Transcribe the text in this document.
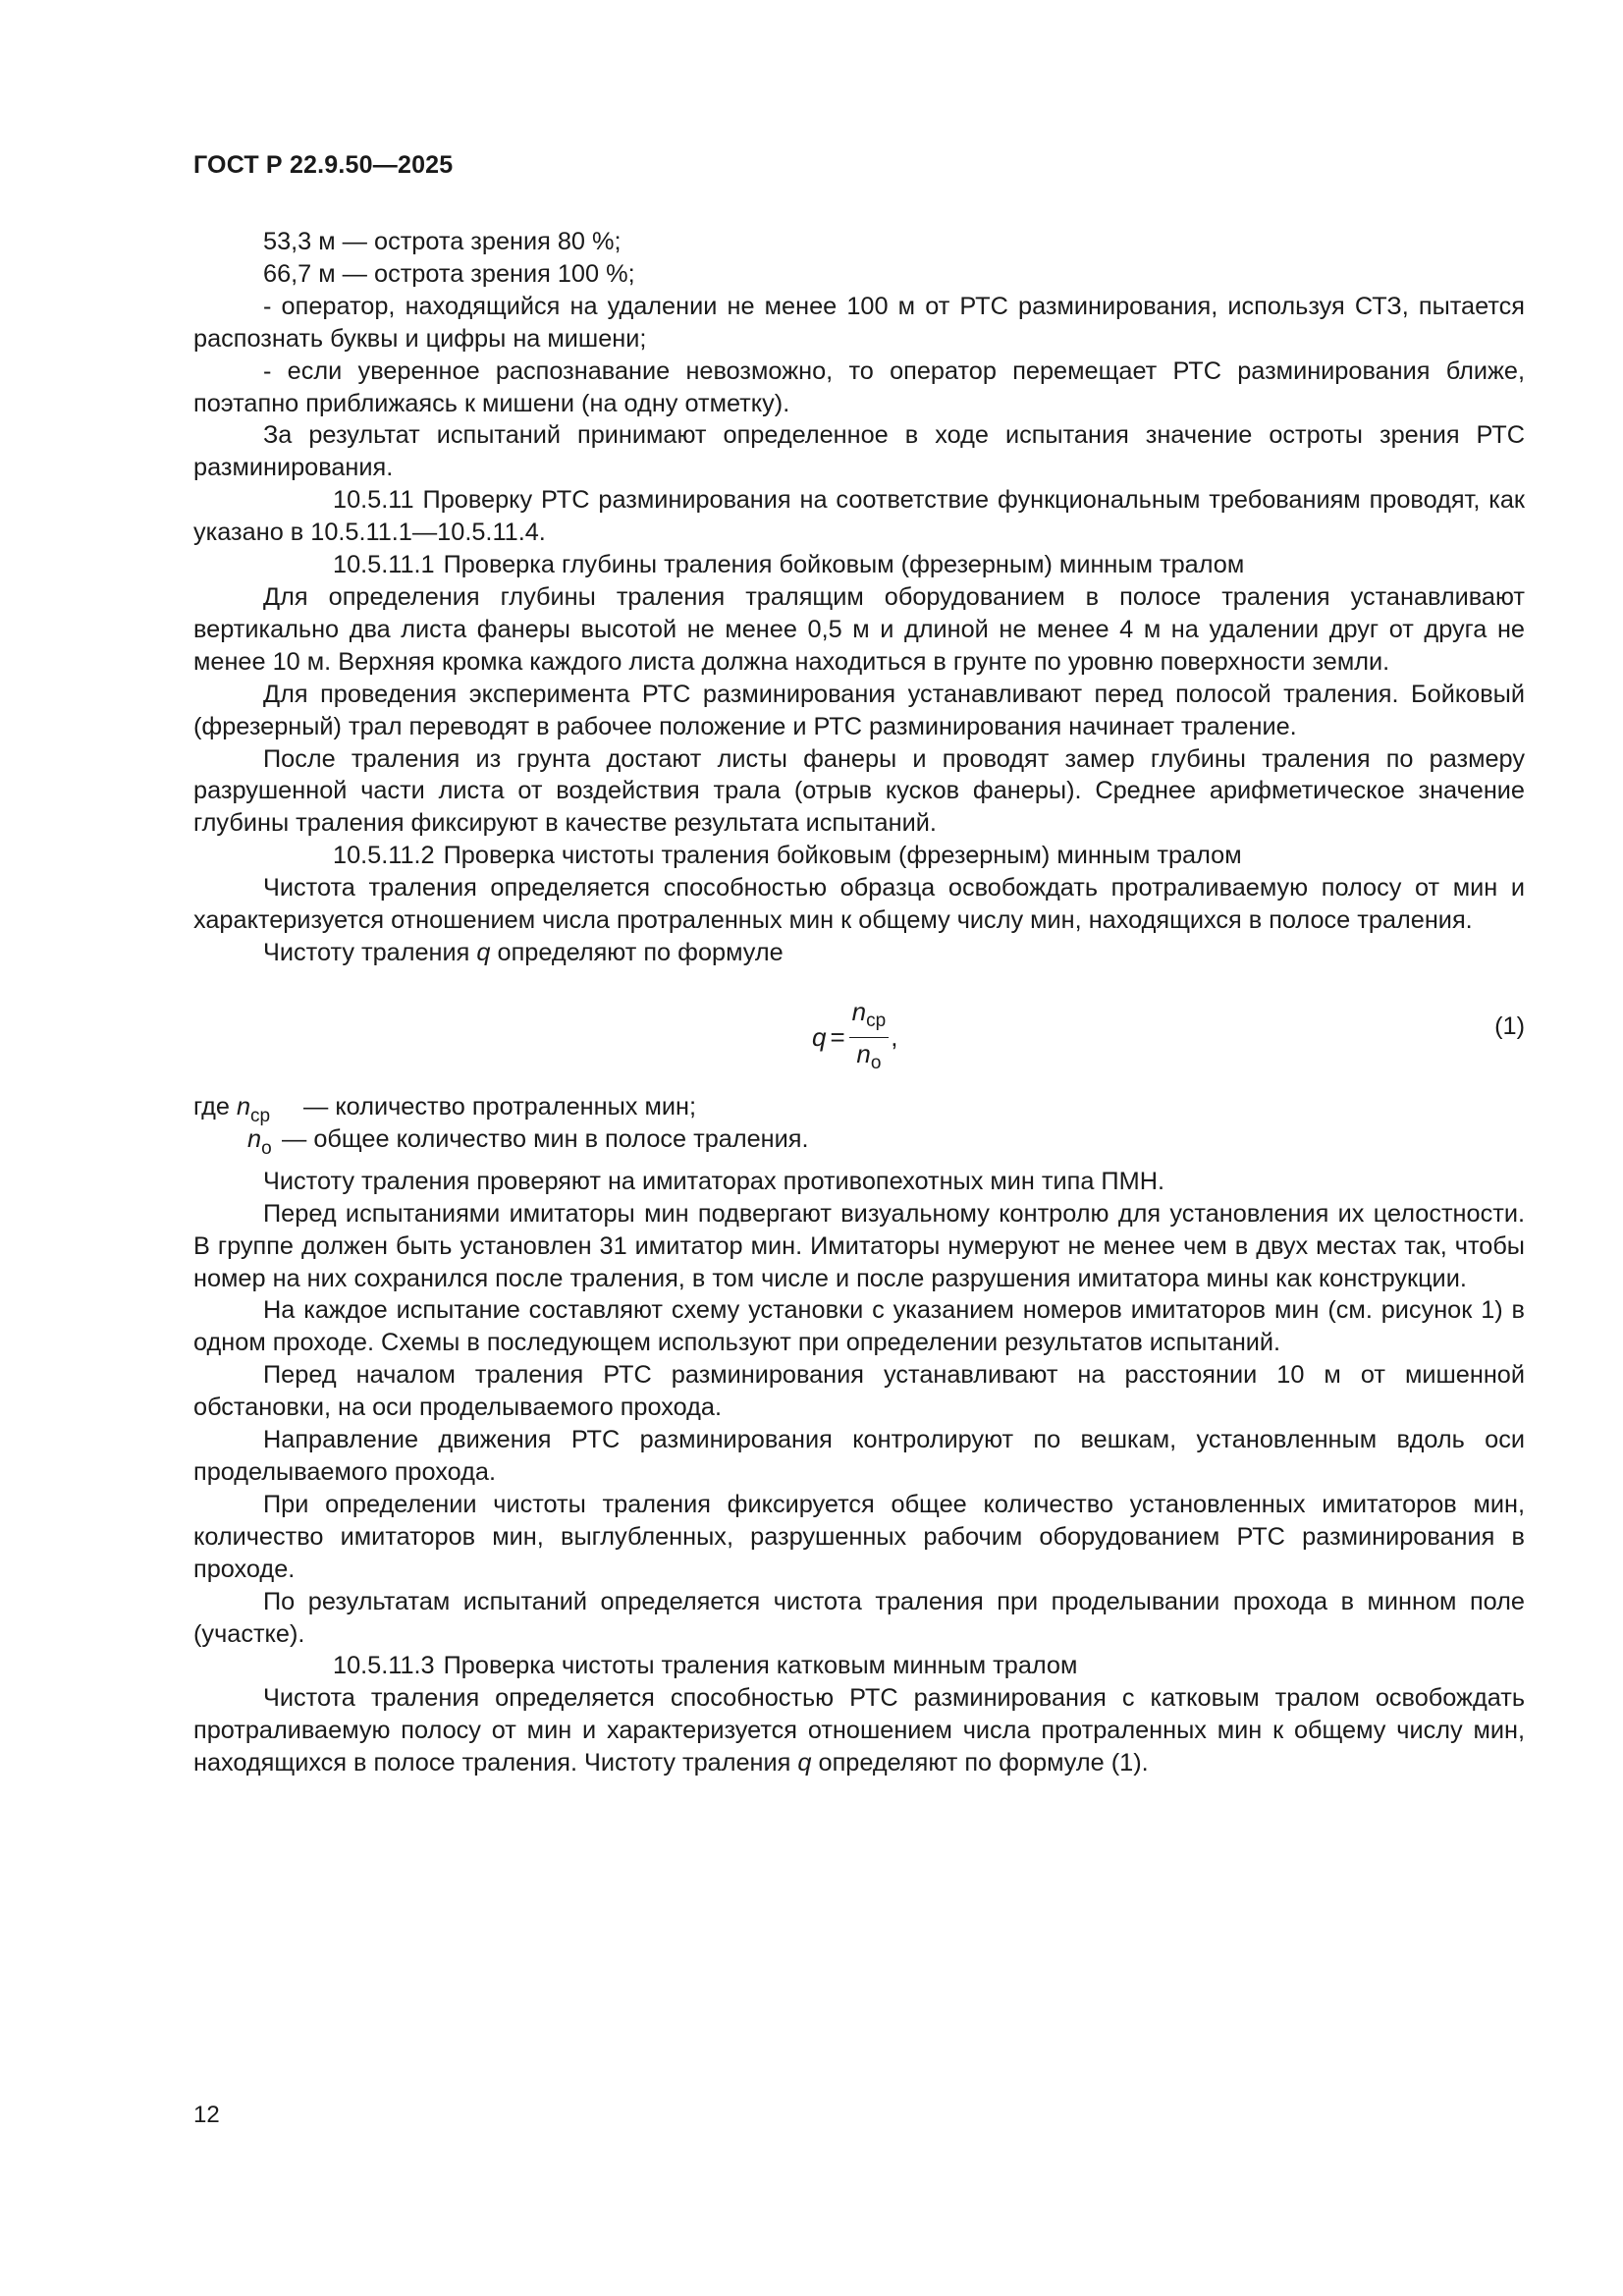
ГОСТ Р 22.9.50—2025

53,3 м — острота зрения 80 %;

66,7 м — острота зрения 100 %;

- оператор, находящийся на удалении не менее 100 м от РТС разминирования, используя СТЗ, пытается распознать буквы и цифры на мишени;

- если уверенное распознавание невозможно, то оператор перемещает РТС разминирования ближе, поэтапно приближаясь к мишени (на одну отметку).

За результат испытаний принимают определенное в ходе испытания значение остроты зрения РТС разминирования.

10.5.11 Проверку РТС разминирования на соответствие функциональным требованиям проводят, как указано в 10.5.11.1—10.5.11.4.

10.5.11.1 Проверка глубины траления бойковым (фрезерным) минным тралом

Для определения глубины траления тралящим оборудованием в полосе траления устанавливают вертикально два листа фанеры высотой не менее 0,5 м и длиной не менее 4 м на удалении друг от друга не менее 10 м. Верхняя кромка каждого листа должна находиться в грунте по уровню поверхности земли.

Для проведения эксперимента РТС разминирования устанавливают перед полосой траления. Бойковый (фрезерный) трал переводят в рабочее положение и РТС разминирования начинает траление.

После траления из грунта достают листы фанеры и проводят замер глубины траления по размеру разрушенной части листа от воздействия трала (отрыв кусков фанеры). Среднее арифметическое значение глубины траления фиксируют в качестве результата испытаний.

10.5.11.2 Проверка чистоты траления бойковым (фрезерным) минным тралом

Чистота траления определяется способностью образца освобождать протраливаемую полосу от мин и характеризуется отношением числа протраленных мин к общему числу мин, находящихся в полосе траления.

Чистоту траления q определяют по формуле

$q = \frac{n_{ср}}{n_о}$ ,	(1)
где $n_{ср}$ — количество протраленных мин;
$n_о$ — общее количество мин в полосе траления.

Чистоту траления проверяют на имитаторах противопехотных мин типа ПМН.

Перед испытаниями имитаторы мин подвергают визуальному контролю для установления их целостности. В группе должен быть установлен 31 имитатор мин. Имитаторы нумеруют не менее чем в двух местах так, чтобы номер на них сохранился после траления, в том числе и после разрушения имитатора мины как конструкции.

На каждое испытание составляют схему установки с указанием номеров имитаторов мин (см. рисунок 1) в одном проходе. Схемы в последующем используют при определении результатов испытаний.

Перед началом траления РТС разминирования устанавливают на расстоянии 10 м от мишенной обстановки, на оси проделываемого прохода.

Направление движения РТС разминирования контролируют по вешкам, установленным вдоль оси проделываемого прохода.

При определении чистоты траления фиксируется общее количество установленных имитаторов мин, количество имитаторов мин, выглубленных, разрушенных рабочим оборудованием РТС разминирования в проходе.

По результатам испытаний определяется чистота траления при проделывании прохода в минном поле (участке).

10.5.11.3 Проверка чистоты траления катковым минным тралом

Чистота траления определяется способностью РТС разминирования с катковым тралом освобождать протраливаемую полосу от мин и характеризуется отношением числа протраленных мин к общему числу мин, находящихся в полосе траления. Чистоту траления q определяют по формуле (1).

12
